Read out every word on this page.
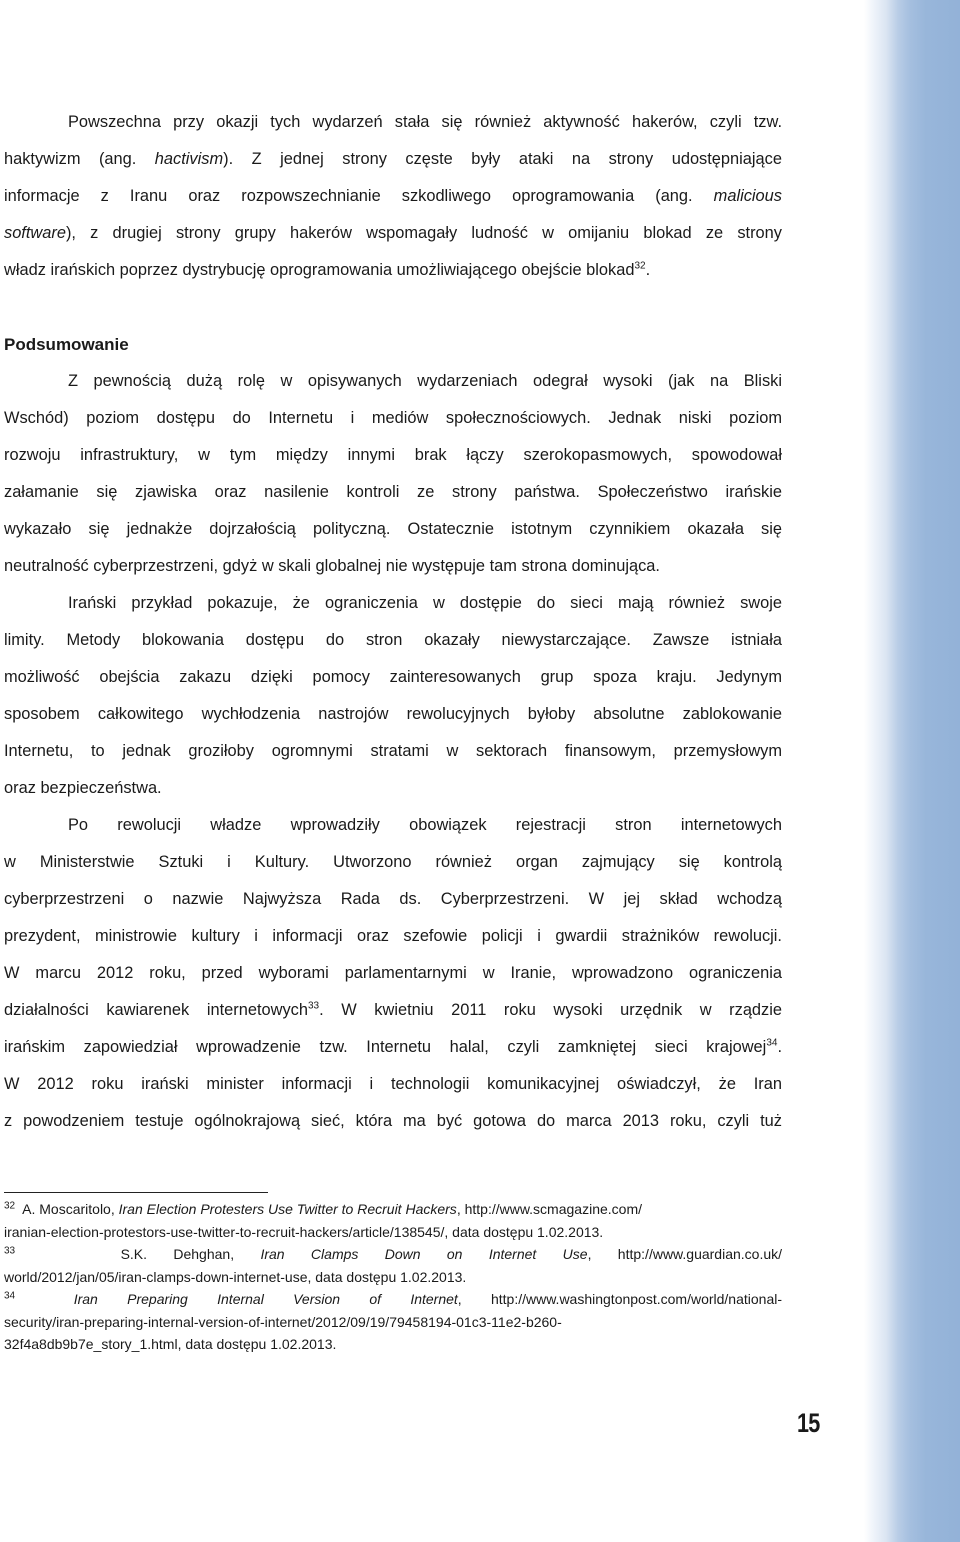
Powszechna przy okazji tych wydarzeń stała się również aktywność hakerów, czyli tzw.

haktywizm (ang. hactivism). Z jednej strony częste były ataki na strony udostępniające

informacje z Iranu oraz rozpowszechnianie szkodliwego oprogramowania (ang. malicious

software), z drugiej strony grupy hakerów wspomagały ludność w omijaniu blokad ze strony

władz irańskich poprzez dystrybucję oprogramowania umożliwiającego obejście blokad$^{32}$.

Podsumowanie

Z pewnością dużą rolę w opisywanych wydarzeniach odegrał wysoki (jak na Bliski

Wschód) poziom dostępu do Internetu i mediów społecznościowych. Jednak niski poziom

rozwoju infrastruktury, w tym między innymi brak łączy szerokopasmowych, spowodował

załamanie się zjawiska oraz nasilenie kontroli ze strony państwa. Społeczeństwo irańskie

wykazało się jednakże dojrzałością polityczną. Ostatecznie istotnym czynnikiem okazała się

neutralność cyberprzestrzeni, gdyż w skali globalnej nie występuje tam strona dominująca.

Irański przykład pokazuje, że ograniczenia w dostępie do sieci mają również swoje

limity. Metody blokowania dostępu do stron okazały niewystarczające. Zawsze istniała

możliwość obejścia zakazu dzięki pomocy zainteresowanych grup spoza kraju. Jedynym

sposobem całkowitego wychłodzenia nastrojów rewolucyjnych byłoby absolutne zablokowanie

Internetu, to jednak groziłoby ogromnymi stratami w sektorach finansowym, przemysłowym

oraz bezpieczeństwa.

Po rewolucji władze wprowadziły obowiązek rejestracji stron internetowych

w Ministerstwie Sztuki i Kultury. Utworzono również organ zajmujący się kontrolą

cyberprzestrzeni o nazwie Najwyższa Rada ds. Cyberprzestrzeni. W jej skład wchodzą

prezydent, ministrowie kultury i informacji oraz szefowie policji i gwardii strażników rewolucji.

W marcu 2012 roku, przed wyborami parlamentarnymi w Iranie, wprowadzono ograniczenia

działalności kawiarenek internetowych$^{33}$. W kwietniu 2011 roku wysoki urzędnik w rządzie

irańskim zapowiedział wprowadzenie tzw. Internetu halal, czyli zamkniętej sieci krajowej$^{34}$.

W 2012 roku irański minister informacji i technologii komunikacyjnej oświadczył, że Iran

z powodzeniem testuje ogólnokrajową sieć, która ma być gotowa do marca 2013 roku, czyli tuż

$^{32}$ A. Moscaritolo, Iran Election Protesters Use Twitter to Recruit Hackers, http://www.scmagazine.com/

iranian-election-protestors-use-twitter-to-recruit-hackers/article/138545/, data dostępu 1.02.2013.

$^{33}$	S.K. Dehghan, Iran Clamps Down on Internet Use, http://www.guardian.co.uk/

world/2012/jan/05/iran-clamps-down-internet-use, data dostępu 1.02.2013.

$^{34}$	Iran Preparing Internal Version of Internet, http://www.washingtonpost.com/world/national-

security/iran-preparing-internal-version-of-internet/2012/09/19/79458194-01c3-11e2-b260-

32f4a8db9b7e_story_1.html, data dostępu 1.02.2013.

15
